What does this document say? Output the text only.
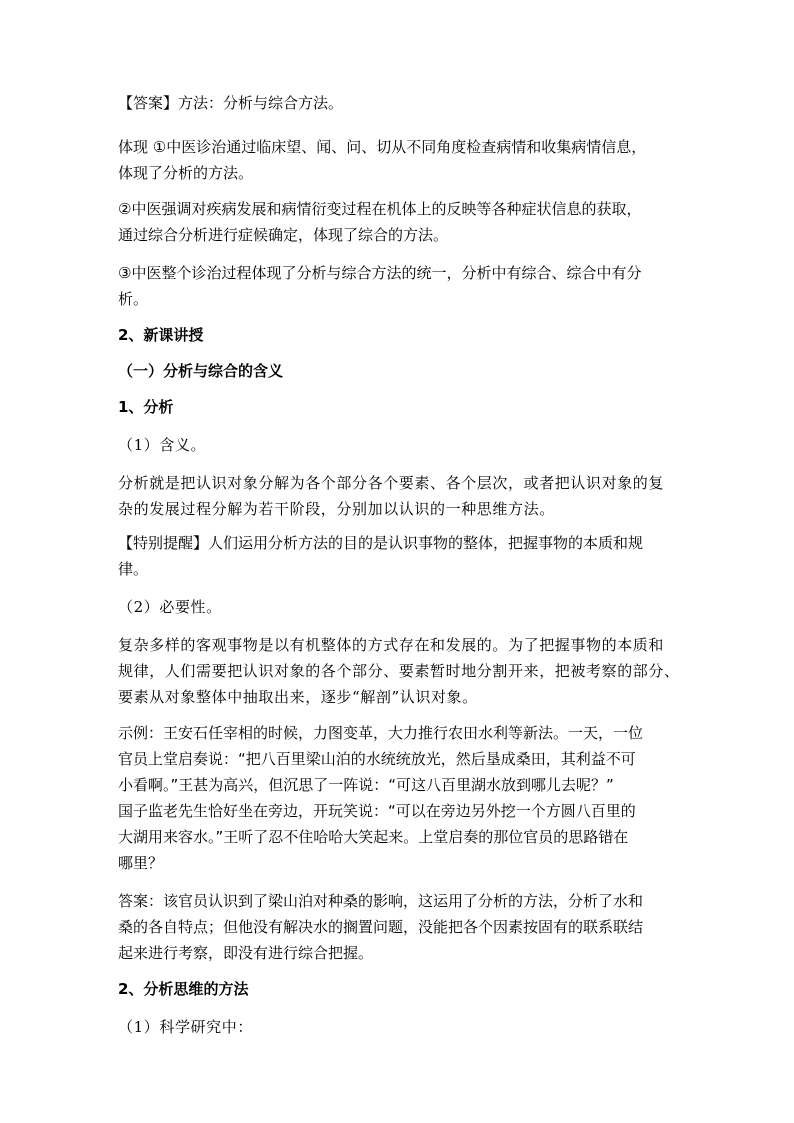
【答案】方法：分析与综合方法。

体现 ①中医诊治通过临床望、闻、问、切从不同角度检查病情和收集病情信息，

体现了分析的方法。

②中医强调对疾病发展和病情衍变过程在机体上的反映等各种症状信息的获取，

通过综合分析进行症候确定，体现了综合的方法。

③中医整个诊治过程体现了分析与综合方法的统一，分析中有综合、综合中有分

析。

2、新课讲授

（一）分析与综合的含义

1、分析

（1）含义。

分析就是把认识对象分解为各个部分各个要素、各个层次，或者把认识对象的复

杂的发展过程分解为若干阶段，分别加以认识的一种思维方法。

【特别提醒】人们运用分析方法的目的是认识事物的整体，把握事物的本质和规

律。

（2）必要性。

复杂多样的客观事物是以有机整体的方式存在和发展的。为了把握事物的本质和

规律，人们需要把认识对象的各个部分、要素暂时地分割开来，把被考察的部分、

要素从对象整体中抽取出来，逐步“解剖”认识对象。

示例：王安石任宰相的时候，力图变革，大力推行农田水利等新法。一天，一位

官员上堂启奏说：“把八百里梁山泊的水统统放光，然后垦成桑田，其利益不可

小看啊。”王甚为高兴，但沉思了一阵说：“可这八百里湖水放到哪儿去呢？”

国子监老先生恰好坐在旁边，开玩笑说：“可以在旁边另外挖一个方圆八百里的

大湖用来容水。”王听了忍不住哈哈大笑起来。上堂启奏的那位官员的思路错在

哪里？

答案：该官员认识到了梁山泊对种桑的影响，这运用了分析的方法，分析了水和

桑的各自特点；但他没有解决水的搁置问题，没能把各个因素按固有的联系联结

起来进行考察，即没有进行综合把握。

2、分析思维的方法

（1）科学研究中：
